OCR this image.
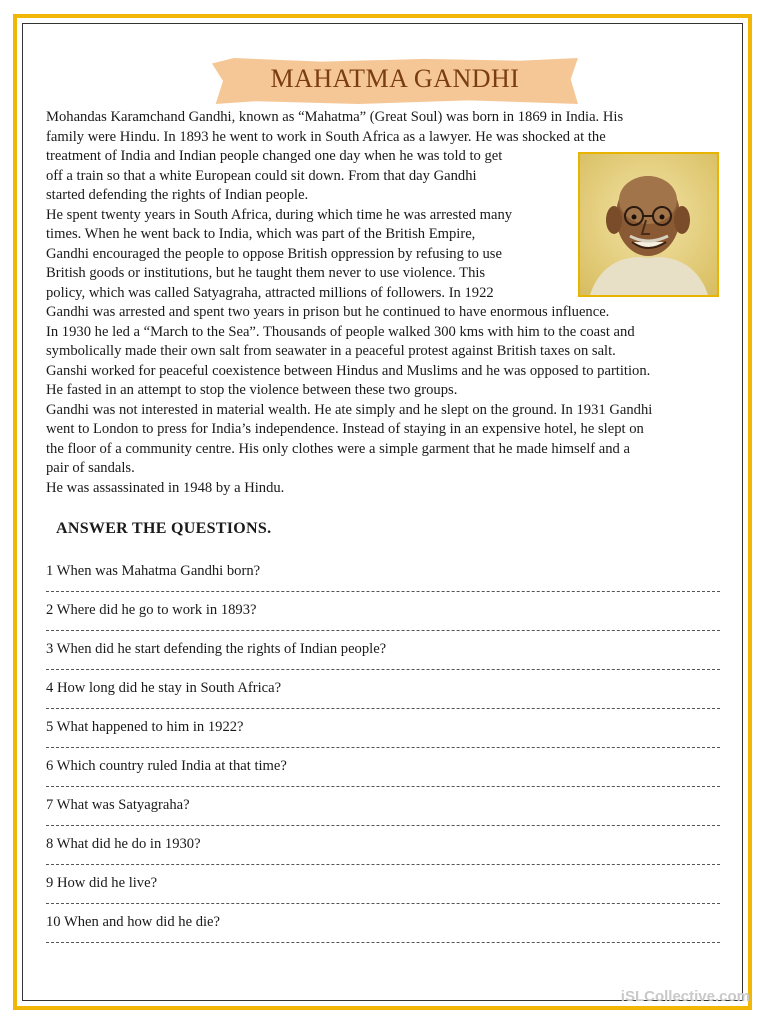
MAHATMA GANDHI

Mohandas Karamchand Gandhi, known as “Mahatma” (Great Soul) was born in 1869 in India. His
family were Hindu. In 1893 he went to work in South Africa as a lawyer. He was shocked at the

treatment of India and Indian people changed one day when he was told to get
off a train so that a white European could sit down. From that day Gandhi
started defending the rights of Indian people.
He spent twenty years in South Africa, during which time he was arrested many
times. When he went back to India, which was part of the British Empire,
Gandhi encouraged the people to oppose British oppression by refusing to use
British goods or institutions, but he taught them never to use violence. This
policy, which was called Satyagraha, attracted millions of followers. In 1922

Gandhi was arrested and spent two years in prison but he continued to have enormous influence.
In 1930 he led a “March to the Sea”. Thousands of people walked 300 kms with him to the coast and
symbolically made their own salt from seawater in a peaceful protest against British taxes on salt.
Ganshi worked for peaceful coexistence between Hindus and Muslims and he was opposed to partition.
He fasted in an attempt to stop the violence between these two groups.
Gandhi was not interested in material wealth. He ate simply and he slept on the ground. In 1931 Gandhi
went to London to press for India’s independence. Instead of staying in an expensive hotel, he slept on
the floor of a community centre. His only clothes were a simple garment that he made himself and a
pair of sandals.
He was assassinated in 1948 by a Hindu.

ANSWER THE QUESTIONS.
1 When was Mahatma Gandhi born?
2 Where did he go to work in 1893?
3 When did he start defending the rights of Indian people?
4 How long did he stay in South Africa?
5 What happened to him in 1922?
6 Which country ruled India at that time?
7 What was Satyagraha?
8 What did he do in 1930?
9 How did he live?
10 When and how did he die?
iSLCollective.com
